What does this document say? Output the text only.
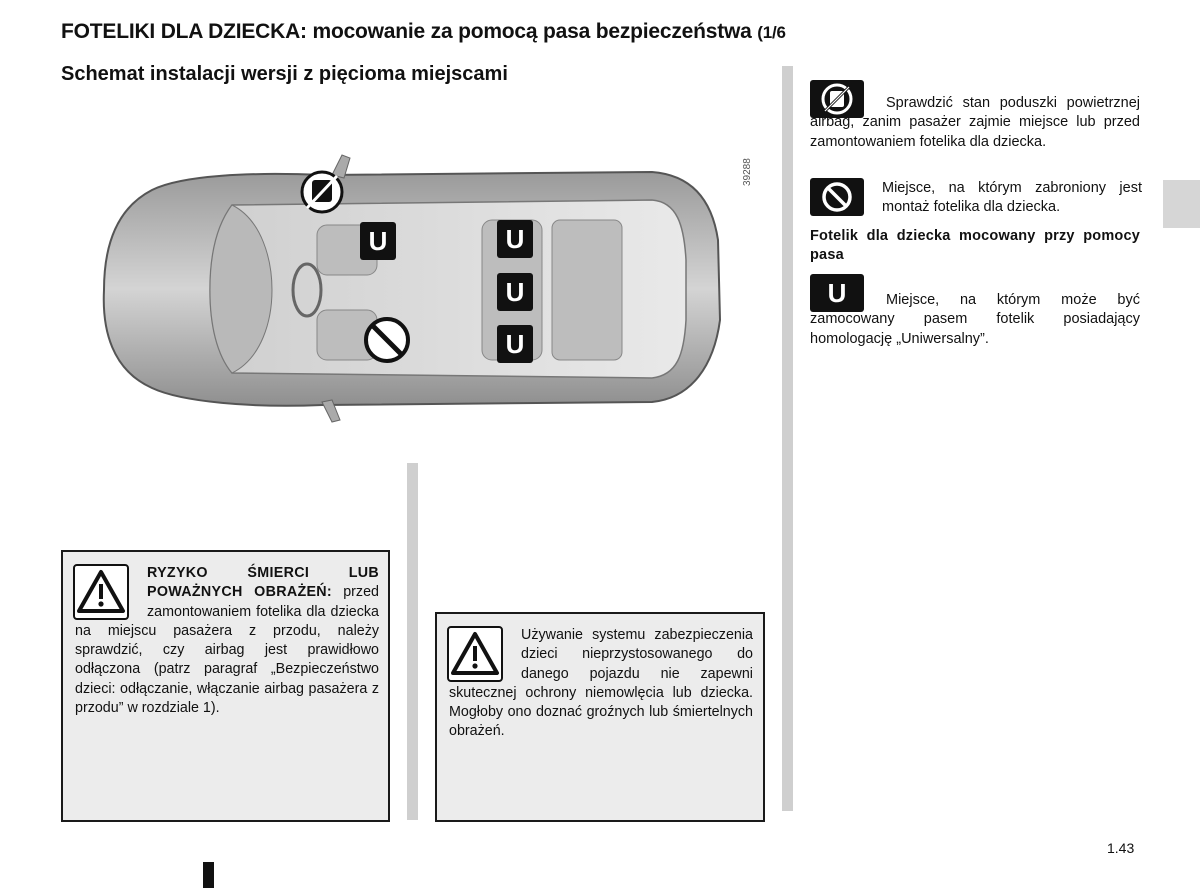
FOTELIKI DLA DZIECKA: mocowanie za pomocą pasa bezpieczeństwa (1/6
Schemat instalacji wersji z pięcioma miejscami
U	U
U
U
39288
RYZYKO ŚMIERCI LUB POWAŻNYCH OBRAŻEŃ: przed zamontowaniem fotelika dla dziecka na miejscu pasażera z przodu, należy sprawdzić, czy airbag jest prawidłowo odłączona (patrz paragraf „Bezpieczeństwo dzieci: odłączanie, włączanie airbag pasażera z przodu” w rozdziale 1).
Używanie systemu zabezpieczenia dzieci nieprzystosowanego do danego pojazdu nie zapewni skutecznej ochrony niemowlęcia lub dziecka. Mogłoby ono doznać groźnych lub śmiertelnych obrażeń.
Sprawdzić stan poduszki powietrznej airbag, zanim pasażer zajmie miejsce lub przed zamontowaniem fotelika dla dziecka.
Miejsce, na którym zabroniony jest montaż fotelika dla dziecka.
Fotelik dla dziecka mocowany przy pomocy pasa
U	Miejsce, na którym może być zamocowany pasem fotelik posiadający homologację „Uniwersalny”.
1.43
